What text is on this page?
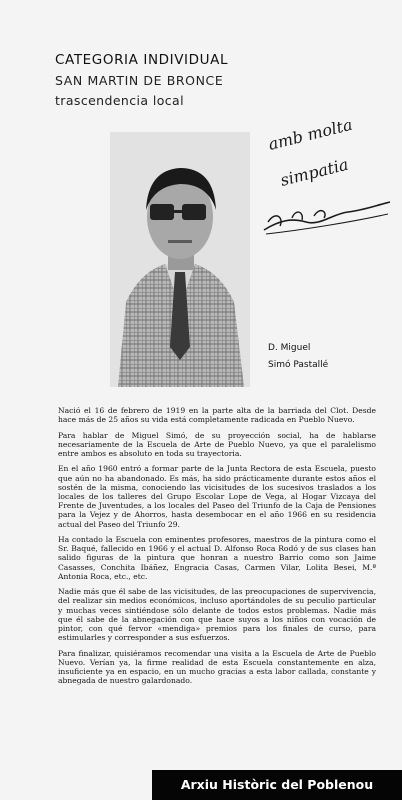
CATEGORIA INDIVIDUAL
SAN MARTIN DE BRONCE
trascendencia local
amb molta
simpatia
D. Miguel
Simó Pastallé

Nació el 16 de febrero de 1919 en la parte alta de la barriada del Clot. Desde hace más de 25 años su vida está completamente radicada en Pueblo Nuevo.

Para hablar de Miguel Simó, de su proyección social, ha de hablarse necesariamente de la Escuela de Arte de Pueblo Nuevo, ya que el paralelismo entre ambos es absoluto en toda su trayectoria.

En el año 1960 entró a formar parte de la Junta Rectora de esta Escuela, puesto que aún no ha abandonado. Es más, ha sido prácticamente durante estos años el sostén de la misma, conociendo las vicisitudes de los sucesivos traslados a los locales de los talleres del Grupo Escolar Lope de Vega, al Hogar Vizcaya del Frente de Juventudes, a los locales del Paseo del Triunfo de la Caja de Pensiones para la Vejez y de Ahorros, hasta desembocar en el año 1966 en su residencia actual del Paseo del Triunfo 29.

Ha contado la Escuela con eminentes profesores, maestros de la pintura como el Sr. Baqué, fallecido en 1966 y el actual D. Alfonso Roca Rodó y de sus clases han salido figuras de la pintura que honran a nuestro Barrio como son Jaime Casasses, Conchita Ibáñez, Engracia Casas, Carmen Vilar, Lolita Besei, M.ª Antonia Roca, etc., etc.

Nadie más que él sabe de las vicisitudes, de las preocupaciones de supervivencia, del realizar sin medios económicos, incluso aportándoles de su peculio particular y muchas veces sintiéndose sólo delante de todos estos problemas. Nadie más que él sabe de la abnegación con que hace suyos a los niños con vocación de pintor, con qué fervor «mendiga» premios para los finales de curso, para estimularles y corresponder a sus esfuerzos.

Para finalizar, quisiéramos recomendar una visita a la Escuela de Arte de Pueblo Nuevo. Verían ya, la firme realidad de esta Escuela constantemente en alza, insuficiente ya en espacio, en un mucho gracias a esta labor callada, constante y abnegada de nuestro galardonado.

Arxiu Històric del Poblenou
